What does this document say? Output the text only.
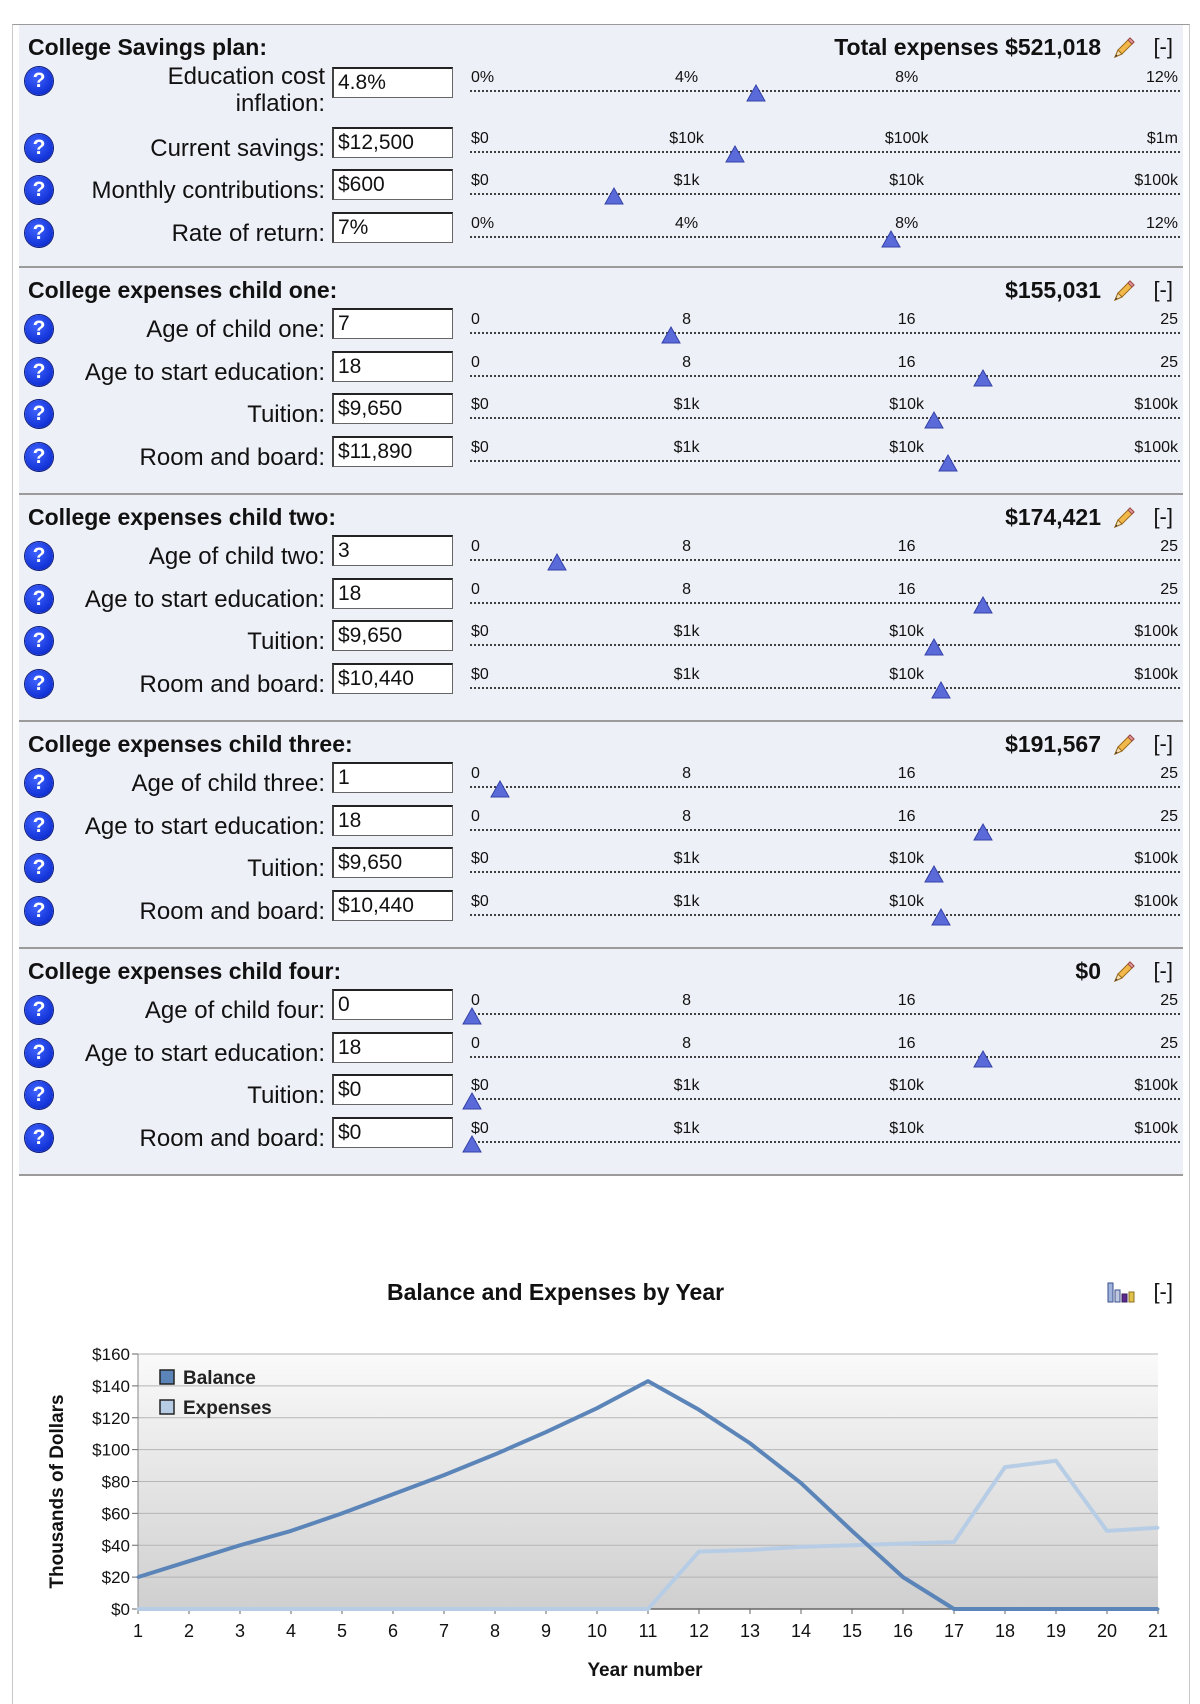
College Savings plan:	Total expenses $521,018 [-]
?	Education cost inflation:
4.8%	0%	4%	8%	12%
?	Current savings: $12,500	$0	$10k	$100k	$1m
?	Monthly contributions: $600	$0	$1k	$10k	$100k
?	Rate of return: 7%	0%	4%	8%	12%
College expenses child one:	$155,031 [-]
?	Age of child one: 7	0	8	16	25
?	Age to start education: 18	0	8	16	25
?	Tuition: $9,650	$0	$1k	$10k	$100k
?	Room and board: $11,890	$0	$1k	$10k	$100k
College expenses child two:	$174,421 [-]
?	Age of child two: 3	0	8	16	25
?	Age to start education: 18	0	8	16	25
?	Tuition: $9,650	$0	$1k	$10k	$100k
?	Room and board: $10,440	$0	$1k	$10k	$100k
College expenses child three:	$191,567 [-]
?	Age of child three: 1	0	8	16	25
?	Age to start education: 18	0	8	16	25
?	Tuition: $9,650	$0	$1k	$10k	$100k
?	Room and board: $10,440	$0	$1k	$10k	$100k
College expenses child four:	$0 [-]
?	Age of child four: 0	0	8	16	25
?	Age to start education: 18	0	8	16	25
?	Tuition: $0	$0	$1k	$10k	$100k
?	Room and board: $0	$0	$1k	$10k	$100k
Balance and Expenses by Year	[-]
$0
$20
$40
$60
$80
$100
$120
$140
$160
1 2 3 4 5 6 7 8 9 10 11 12 13 14 15 16 17 18 19 20 21
Thousands of Dollars
Year number
Balance
Expenses
